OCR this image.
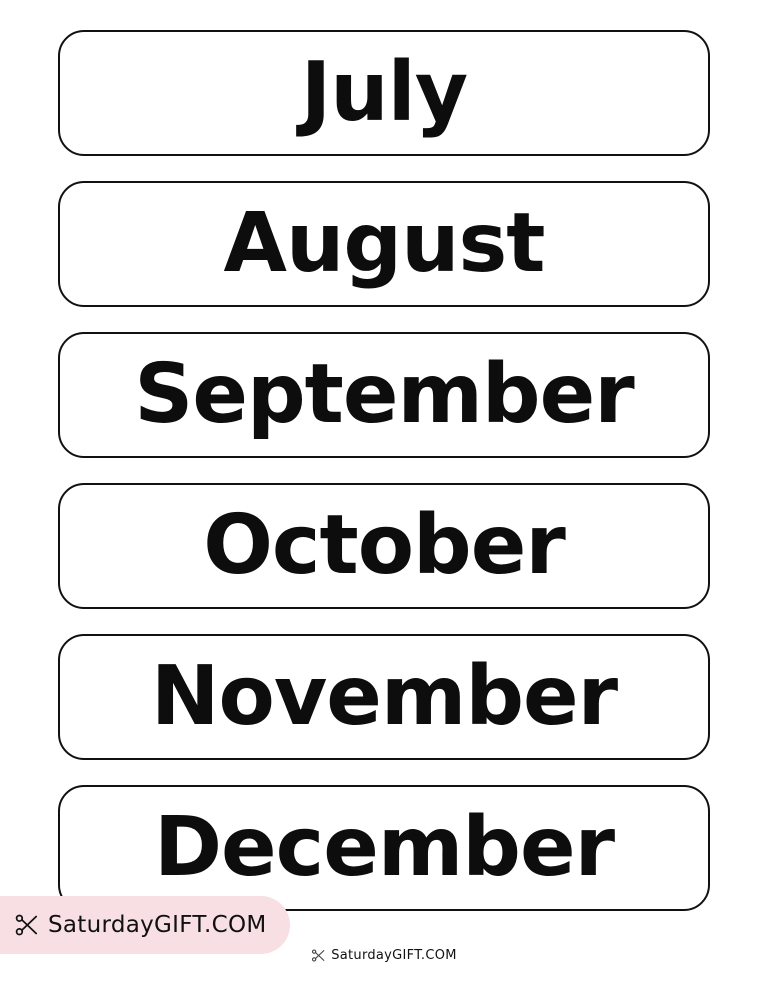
July
August
September
October
November
December
SaturdayGIFT.COM
SaturdayGIFT.COM
